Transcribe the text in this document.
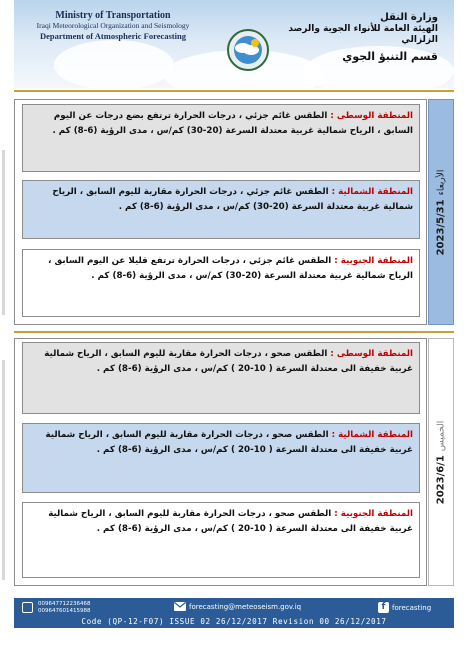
Ministry of Transportation
Iraqi Meteorological Organization and Seismology
Department of Atmospheric Forecasting
وزارة النقل
الهيئة العامة للأنواء الجوية والرصد الزلزالي
قسم التنبؤ الجوي
2023/5/31
الأربعاء
المنطقة الوسطى : الطقس غائم جزئي ، درجات الحرارة ترتفع بضع درجات عن اليوم السابق ، الرياح شمالية غربية معتدلة السرعة (20-30) كم/س ، مدى الرؤية (6-8) كم .
المنطقة الشمالية : الطقس غائم جزئي ، درجات الحرارة مقاربة لليوم السابق ، الرياح شمالية غربية معتدلة السرعة (20-30) كم/س ، مدى الرؤية (6-8) كم .
المنطقة الجنوبية : الطقس غائم جزئي ، درجات الحرارة ترتفع قليلا عن اليوم السابق ، الرياح شمالية غربية معتدلة السرعة (20-30) كم/س ، مدى الرؤية (6-8) كم .
2023/6/1
الخميس
المنطقة الوسطى : الطقس صحو ، درجات الحرارة مقاربة لليوم السابق ، الرياح شمالية غربية خفيفة الى معتدلة السرعة ( 10-20 ) كم/س ، مدى الرؤية (6-8) كم .
المنطقة الشمالية : الطقس صحو ، درجات الحرارة مقاربة لليوم السابق ، الرياح شمالية غربية خفيفة الى معتدلة السرعة ( 10-20 ) كم/س ، مدى الرؤية (6-8) كم .
المنطقة الجنوبية : الطقس صحو ، درجات الحرارة مقاربة لليوم السابق ، الرياح شمالية غربية خفيفة الى معتدلة السرعة ( 10-20 ) كم/س ، مدى الرؤية (6-8) كم .
009647712236468
009647601415988
forecasting@meteoseism.gov.iq	f forecasting
Code (QP-12-F07) ISSUE 02 26/12/2017 Revision 00 26/12/2017
